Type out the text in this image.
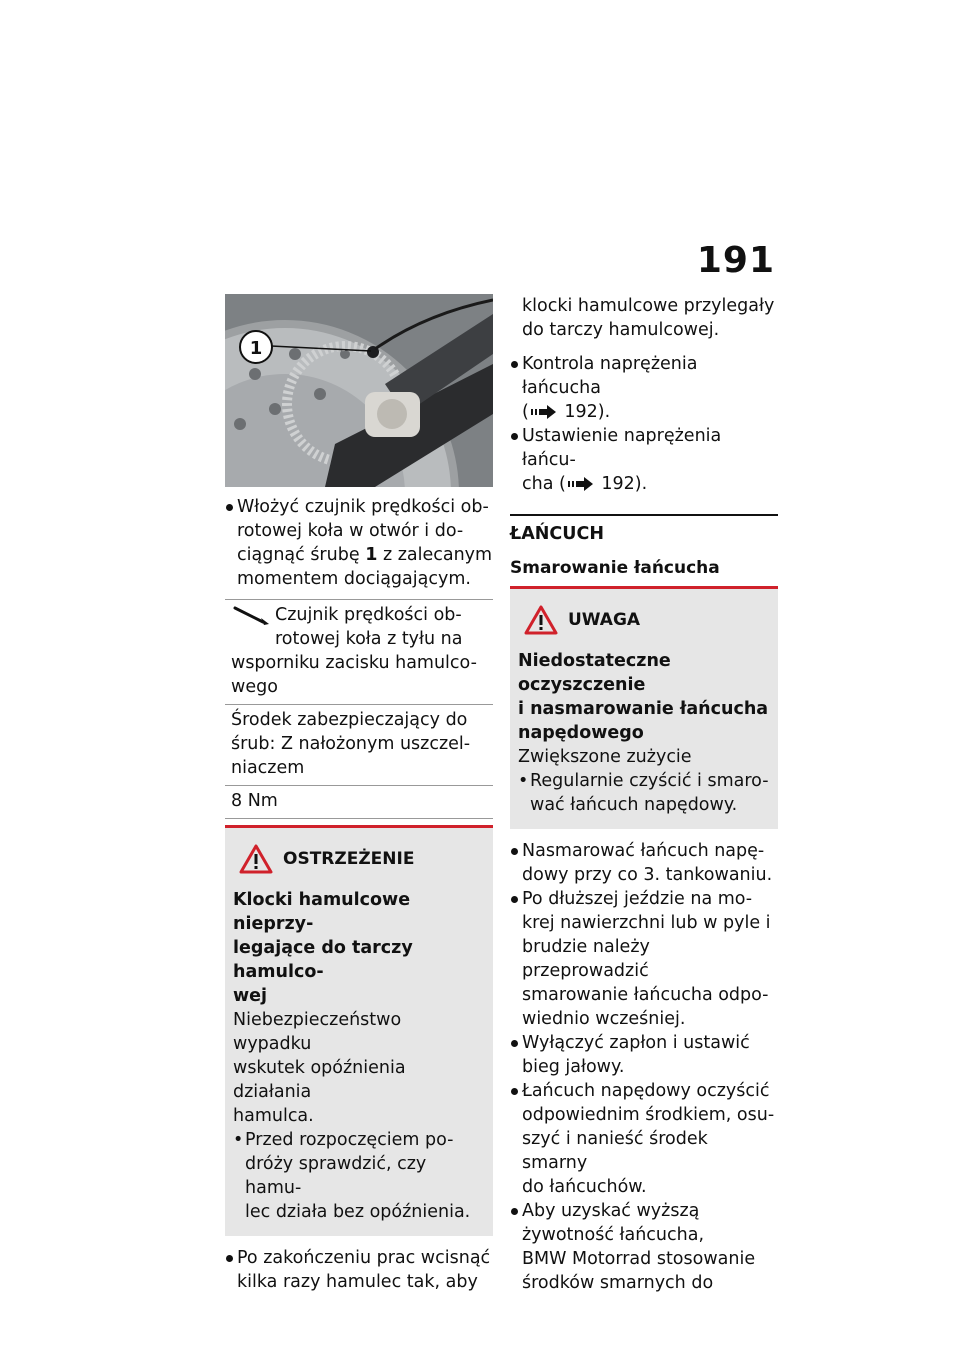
191
1
Włożyć czujnik prędkości ob-
rotowej koła w otwór i do-
ciągnąć śrubę 1 z zalecanym
momentem dociągającym.
Czujnik prędkości ob-
rotowej koła z tyłu na
wsporniku zacisku hamulco-
wego
Środek zabezpieczający do
śrub: Z nałożonym uszczel-
niaczem
8 Nm
OSTRZEŻENIE
Klocki hamulcowe nieprzy-
legające do tarczy hamulco-
wej
Niebezpieczeństwo wypadku
wskutek opóźnienia działania
hamulca.
• Przed rozpoczęciem po-
dróży sprawdzić, czy hamu-
lec działa bez opóźnienia.
Po zakończeniu prac wcisnąć
kilka razy hamulec tak, aby
klocki hamulcowe przylegały
do tarczy hamulcowej.
Kontrola naprężenia łańcucha
( 192).
Ustawienie naprężenia łańcu-
cha ( 192).
ŁAŃCUCH
Smarowanie łańcucha
UWAGA
Niedostateczne oczyszczenie
i nasmarowanie łańcucha
napędowego
Zwiększone zużycie
• Regularnie czyścić i smaro-
wać łańcuch napędowy.
Nasmarować łańcuch napę-
dowy przy co 3. tankowaniu.
Po dłuższej jeździe na mo-
krej nawierzchni lub w pyle i
brudzie należy przeprowadzić
smarowanie łańcucha odpo-
wiednio wcześniej.
Wyłączyć zapłon i ustawić
bieg jałowy.
Łańcuch napędowy oczyścić
odpowiednim środkiem, osu-
szyć i nanieść środek smarny
do łańcuchów.
Aby uzyskać wyższą
żywotność łańcucha,
BMW Motorrad stosowanie
środków smarnych do
